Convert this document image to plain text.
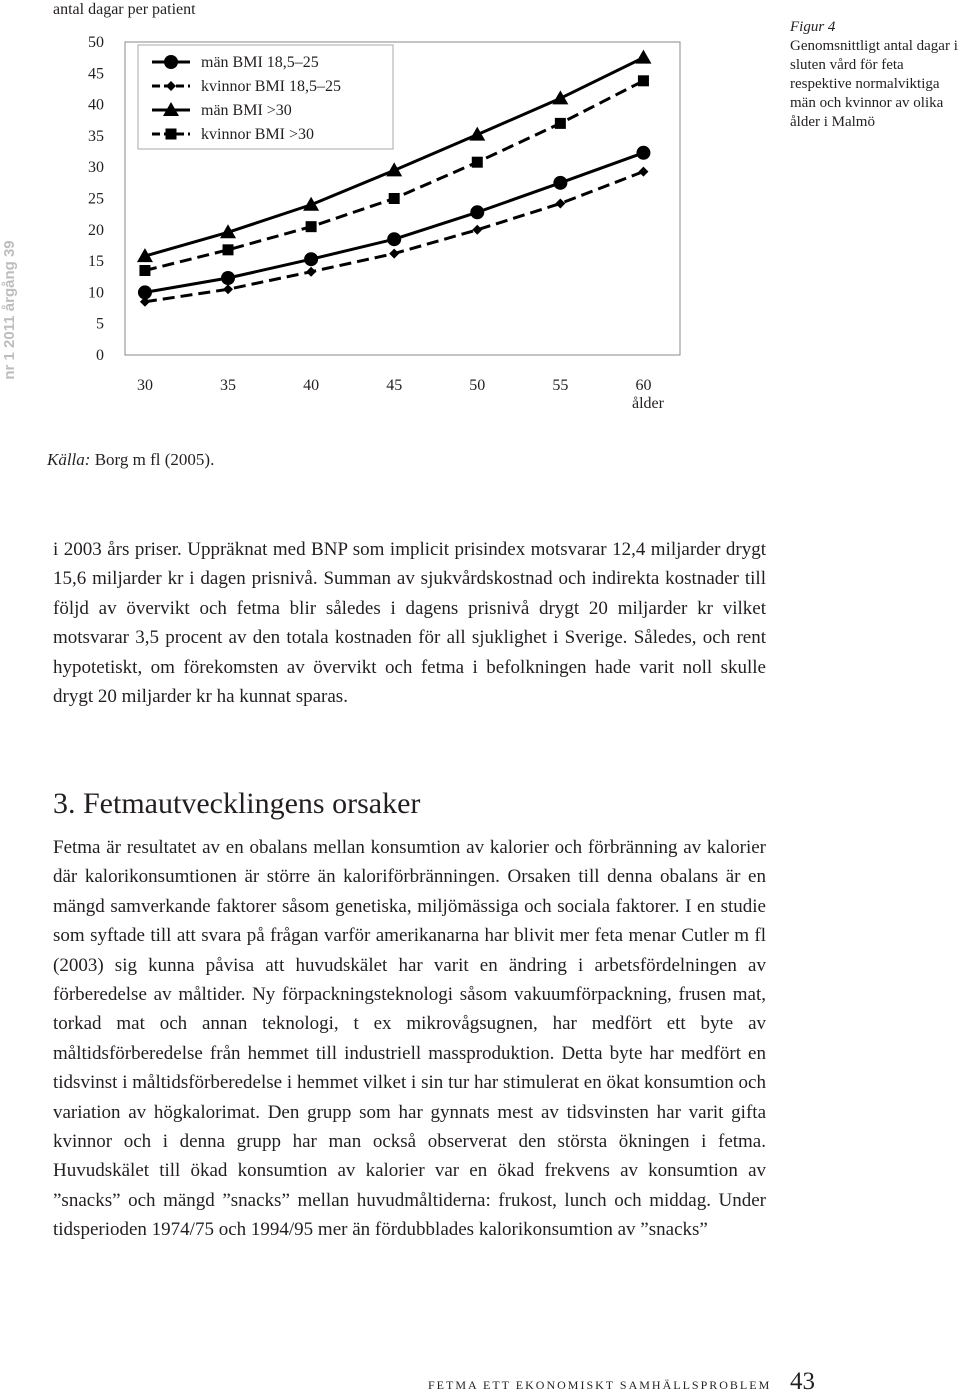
nr 1 2011 årgång 39
antal dagar per patient
0
5
10
15
20
25
30
35
40
45
50
30	35	40	45	50	55	60
ålder
män BMI 18,5–25
kvinnor BMI 18,5–25
män BMI >30
kvinnor BMI >30
Figur 4
Genomsnittligt antal dagar i sluten vård för feta respektive normalviktiga män och kvinnor av olika ålder i Malmö
Källa: Borg m fl (2005).

i 2003 års priser. Uppräknat med BNP som implicit prisindex motsvarar 12,4 miljarder drygt 15,6 miljarder kr i dagen prisnivå. Summan av sjukvårdskostnad och indirekta kostnader till följd av övervikt och fetma blir således i dagens prisnivå drygt 20 miljarder kr vilket motsvarar 3,5 procent av den totala kostnaden för all sjuklighet i Sverige. Således, och rent hypotetiskt, om förekomsten av övervikt och fetma i befolkningen hade varit noll skulle drygt 20 miljarder kr ha kunnat sparas.

3. Fetmautvecklingens orsaker

Fetma är resultatet av en obalans mellan konsumtion av kalorier och förbränning av kalorier där kalorikonsumtionen är större än kaloriförbränningen. Orsaken till denna obalans är en mängd samverkande faktorer såsom genetiska, miljömässiga och sociala faktorer. I en studie som syftade till att svara på frågan varför amerikanarna har blivit mer feta menar Cutler m fl (2003) sig kunna påvisa att huvudskälet har varit en ändring i arbetsfördelningen av förberedelse av måltider. Ny förpackningsteknologi såsom vakuumförpackning, frusen mat, torkad mat och annan teknologi, t ex mikrovågsugnen, har medfört ett byte av måltidsförberedelse från hemmet till industriell massproduktion. Detta byte har medfört en tidsvinst i måltidsförberedelse i hemmet vilket i sin tur har stimulerat en ökat konsumtion och variation av högkalorimat. Den grupp som har gynnats mest av tidsvinsten har varit gifta kvinnor och i denna grupp har man också observerat den största ökningen i fetma. Huvudskälet till ökad konsumtion av kalorier var en ökad frekvens av konsumtion av ”snacks” och mängd ”snacks” mellan huvudmåltiderna: frukost, lunch och middag. Under tidsperioden 1974/75 och 1994/95 mer än fördubblades kalorikonsumtion av ”snacks”

FETMA ETT EKONOMISKT SAMHÄLLSPROBLEM 43
